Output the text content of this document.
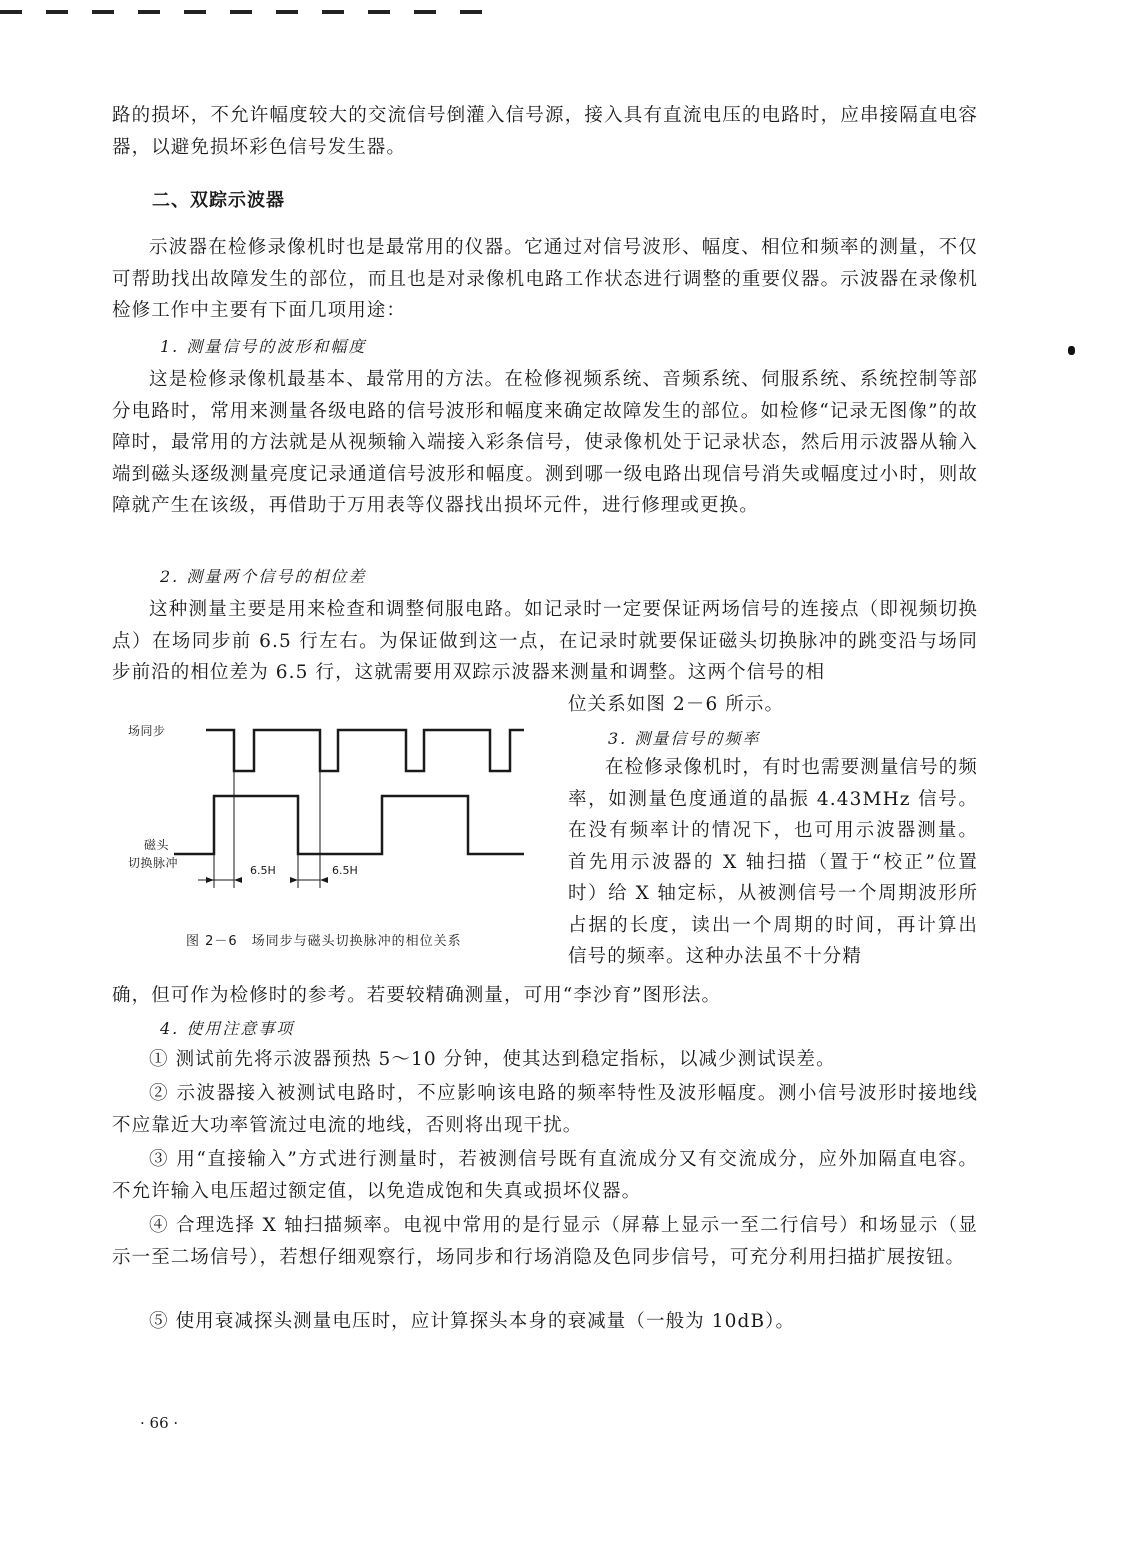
路的损坏，不允许幅度较大的交流信号倒灌入信号源，接入具有直流电压的电路时，应串接隔直电容器，以避免损坏彩色信号发生器。

二、双踪示波器

示波器在检修录像机时也是最常用的仪器。它通过对信号波形、幅度、相位和频率的测量，不仅可帮助找出故障发生的部位，而且也是对录像机电路工作状态进行调整的重要仪器。示波器在录像机检修工作中主要有下面几项用途：

1. 测量信号的波形和幅度

这是检修录像机最基本、最常用的方法。在检修视频系统、音频系统、伺服系统、系统控制等部分电路时，常用来测量各级电路的信号波形和幅度来确定故障发生的部位。如检修“记录无图像”的故障时，最常用的方法就是从视频输入端接入彩条信号，使录像机处于记录状态，然后用示波器从输入端到磁头逐级测量亮度记录通道信号波形和幅度。测到哪一级电路出现信号消失或幅度过小时，则故障就产生在该级，再借助于万用表等仪器找出损坏元件，进行修理或更换。

2. 测量两个信号的相位差

这种测量主要是用来检查和调整伺服电路。如记录时一定要保证两场信号的连接点（即视频切换点）在场同步前 6.5 行左右。为保证做到这一点，在记录时就要保证磁头切换脉冲的跳变沿与场同步前沿的相位差为 6.5 行，这就需要用双踪示波器来测量和调整。这两个信号的相

位关系如图 2－6 所示。

场同步
磁头
切换脉冲
6.5H	6.5H
图 2－6　场同步与磁头切换脉冲的相位关系

3. 测量信号的频率

在检修录像机时，有时也需要测量信号的频率，如测量色度通道的晶振 4.43MHz 信号。在没有频率计的情况下，也可用示波器测量。首先用示波器的 X 轴扫描（置于“校正”位置时）给 X 轴定标，从被测信号一个周期波形所占据的长度，读出一个周期的时间，再计算出信号的频率。这种办法虽不十分精

确，但可作为检修时的参考。若要较精确测量，可用“李沙育”图形法。

4. 使用注意事项

① 测试前先将示波器预热 5～10 分钟，使其达到稳定指标，以减少测试误差。

② 示波器接入被测试电路时，不应影响该电路的频率特性及波形幅度。测小信号波形时接地线不应靠近大功率管流过电流的地线，否则将出现干扰。

③ 用“直接输入”方式进行测量时，若被测信号既有直流成分又有交流成分，应外加隔直电容。不允许输入电压超过额定值，以免造成饱和失真或损坏仪器。

④ 合理选择 X 轴扫描频率。电视中常用的是行显示（屏幕上显示一至二行信号）和场显示（显示一至二场信号），若想仔细观察行，场同步和行场消隐及色同步信号，可充分利用扫描扩展按钮。

⑤ 使用衰减探头测量电压时，应计算探头本身的衰减量（一般为 10dB）。

· 66 ·
